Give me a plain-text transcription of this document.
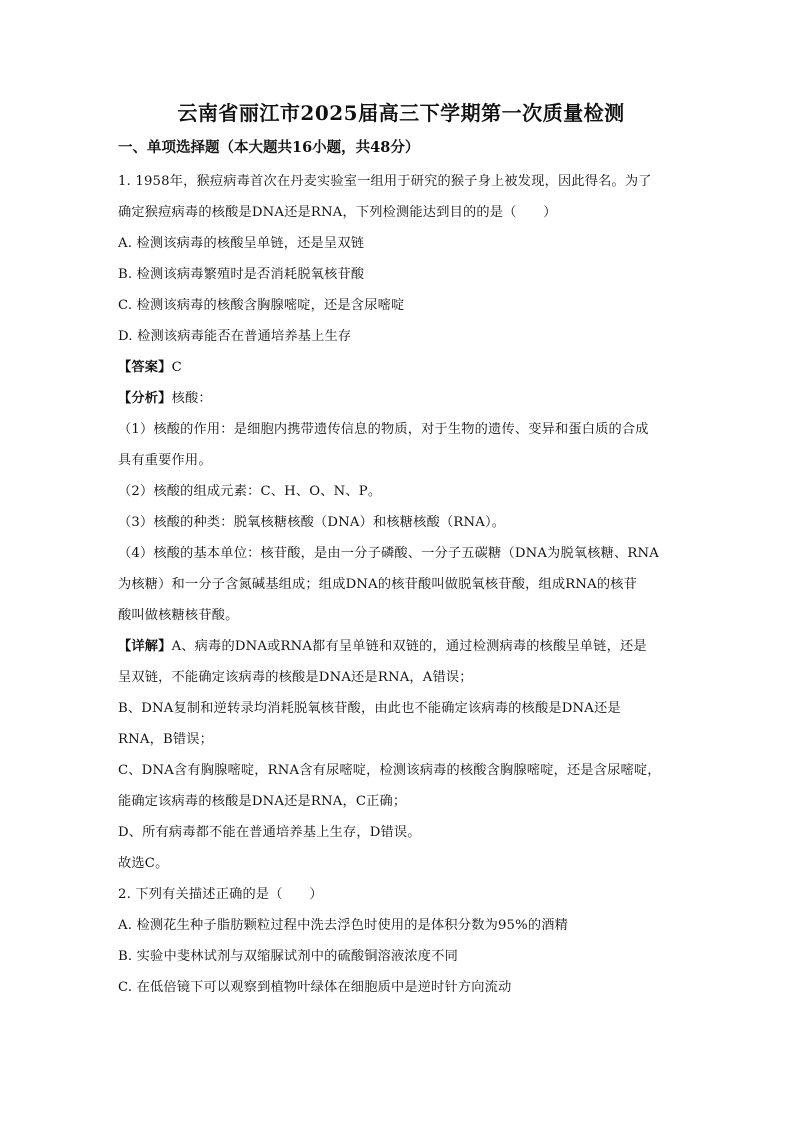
云南省丽江市2025届高三下学期第一次质量检测
一、单项选择题（本大题共16小题，共48分）

1. 1958年，猴痘病毒首次在丹麦实验室一组用于研究的猴子身上被发现，因此得名。为了

确定猴痘病毒的核酸是DNA还是RNA，下列检测能达到目的的是（　　）

A. 检测该病毒的核酸呈单链，还是呈双链

B. 检测该病毒繁殖时是否消耗脱氧核苷酸

C. 检测该病毒的核酸含胸腺嘧啶，还是含尿嘧啶

D. 检测该病毒能否在普通培养基上生存

【答案】C

【分析】核酸：

（1）核酸的作用：是细胞内携带遗传信息的物质，对于生物的遗传、变异和蛋白质的合成

具有重要作用。

（2）核酸的组成元素：C、H、O、N、P。

（3）核酸的种类：脱氧核糖核酸（DNA）和核糖核酸（RNA）。

（4）核酸的基本单位：核苷酸，是由一分子磷酸、一分子五碳糖（DNA为脱氧核糖、RNA

为核糖）和一分子含氮碱基组成；组成DNA的核苷酸叫做脱氧核苷酸，组成RNA的核苷

酸叫做核糖核苷酸。

【详解】A、病毒的DNA或RNA都有呈单链和双链的，通过检测病毒的核酸呈单链，还是

呈双链，不能确定该病毒的核酸是DNA还是RNA，A错误；

B、DNA复制和逆转录均消耗脱氧核苷酸，由此也不能确定该病毒的核酸是DNA还是

RNA，B错误；

C、DNA含有胸腺嘧啶，RNA含有尿嘧啶，检测该病毒的核酸含胸腺嘧啶，还是含尿嘧啶，

能确定该病毒的核酸是DNA还是RNA，C正确；

D、所有病毒都不能在普通培养基上生存，D错误。

故选C。

2. 下列有关描述正确的是（　　）

A. 检测花生种子脂肪颗粒过程中洗去浮色时使用的是体积分数为95%的酒精

B. 实验中斐林试剂与双缩脲试剂中的硫酸铜溶液浓度不同

C. 在低倍镜下可以观察到植物叶绿体在细胞质中是逆时针方向流动
